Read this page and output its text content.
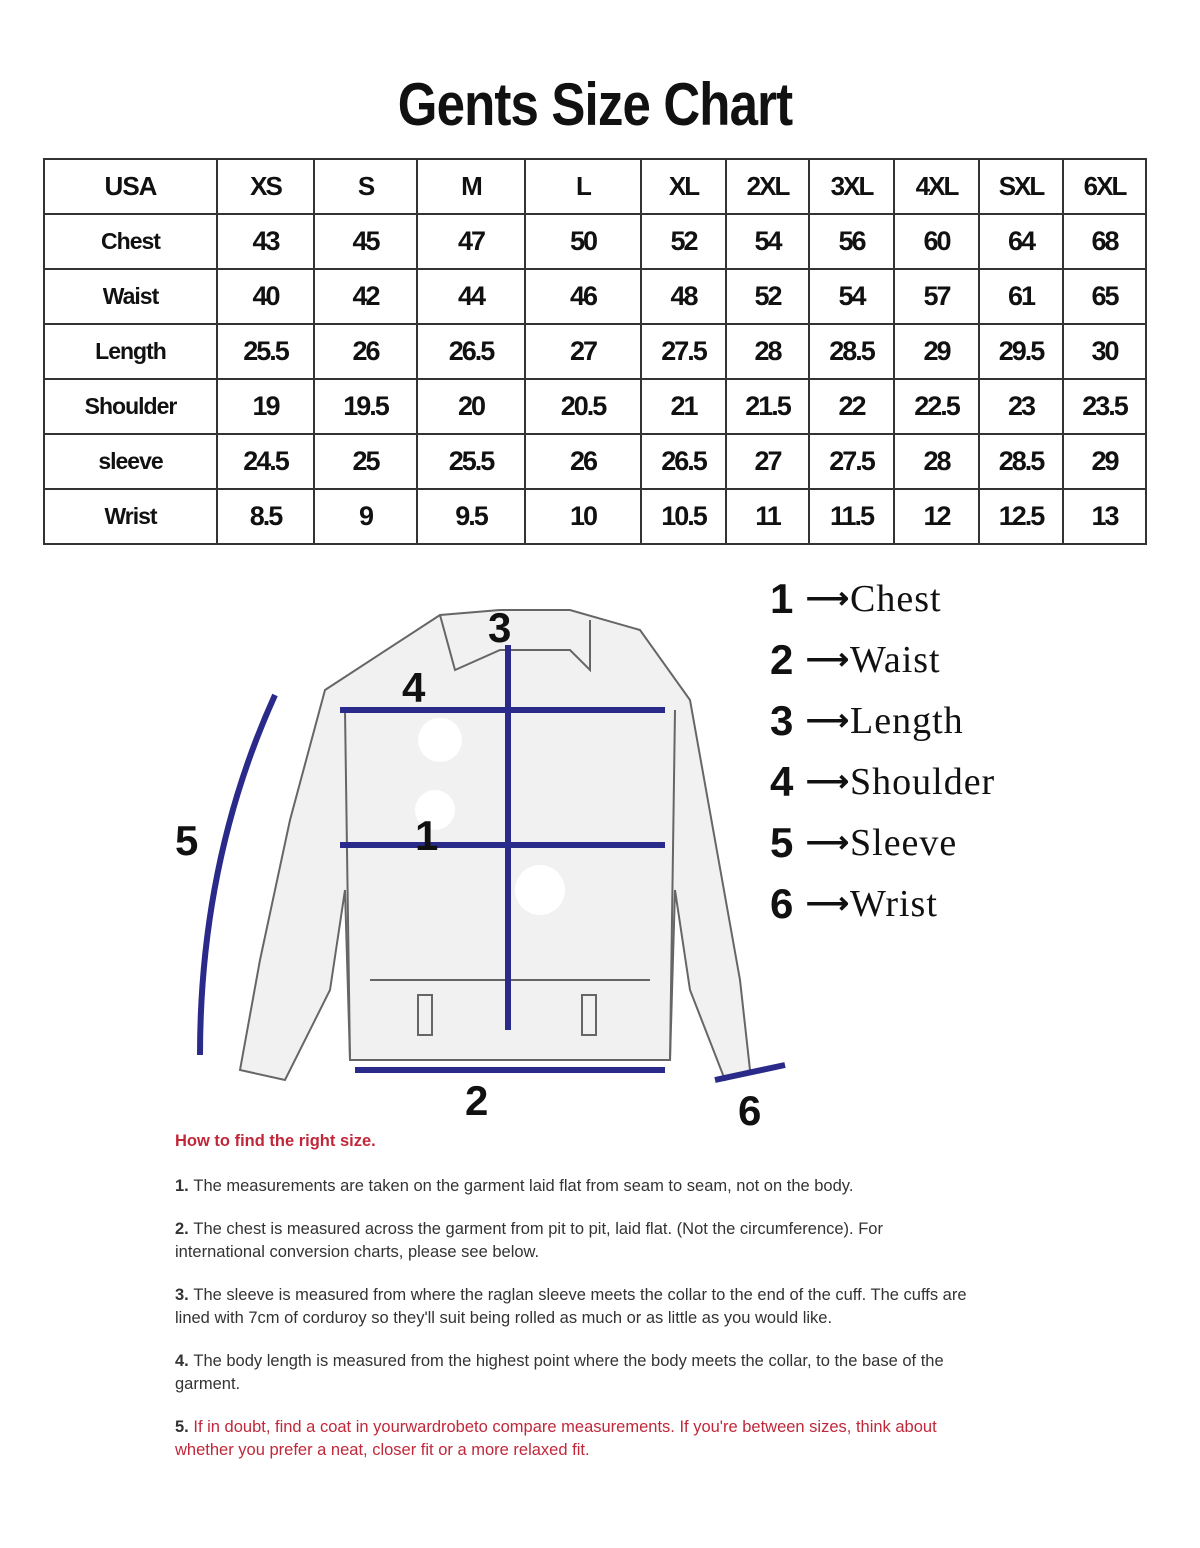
Gents Size Chart
USA	XS	S	M	L	XL	2XL	3XL	4XL	SXL	6XL
Chest	43	45	47	50	52	54	56	60	64	68
Waist	40	42	44	46	48	52	54	57	61	65
Length	25.5	26	26.5	27	27.5	28	28.5	29	29.5	30
Shoulder	19	19.5	20	20.5	21	21.5	22	22.5	23	23.5
sleeve	24.5	25	25.5	26	26.5	27	27.5	28	28.5	29
Wrist	8.5	9	9.5	10	10.5	11	11.5	12	12.5	13
1
2
3
4
5
6
1 ⟶ Chest
2 ⟶ Waist
3 ⟶ Length
4 ⟶ Shoulder
5 ⟶ Sleeve
6 ⟶ Wrist

How to find the right size.

1. The measurements are taken on the garment laid flat from seam to seam, not on the body.

2. The chest is measured across the garment from pit to pit, laid flat. (Not the circumference). For international conversion charts, please see below.

3. The sleeve is measured from where the raglan sleeve meets the collar to the end of the cuff. The cuffs are lined with 7cm of corduroy so they'll suit being rolled as much or as little as you would like.

4. The body length is measured from the highest point where the body meets the collar, to the base of the garment.

5. If in doubt, find a coat in yourwardrobeto compare measurements. If you're between sizes, think about whether you prefer a neat, closer fit or a more relaxed fit.
